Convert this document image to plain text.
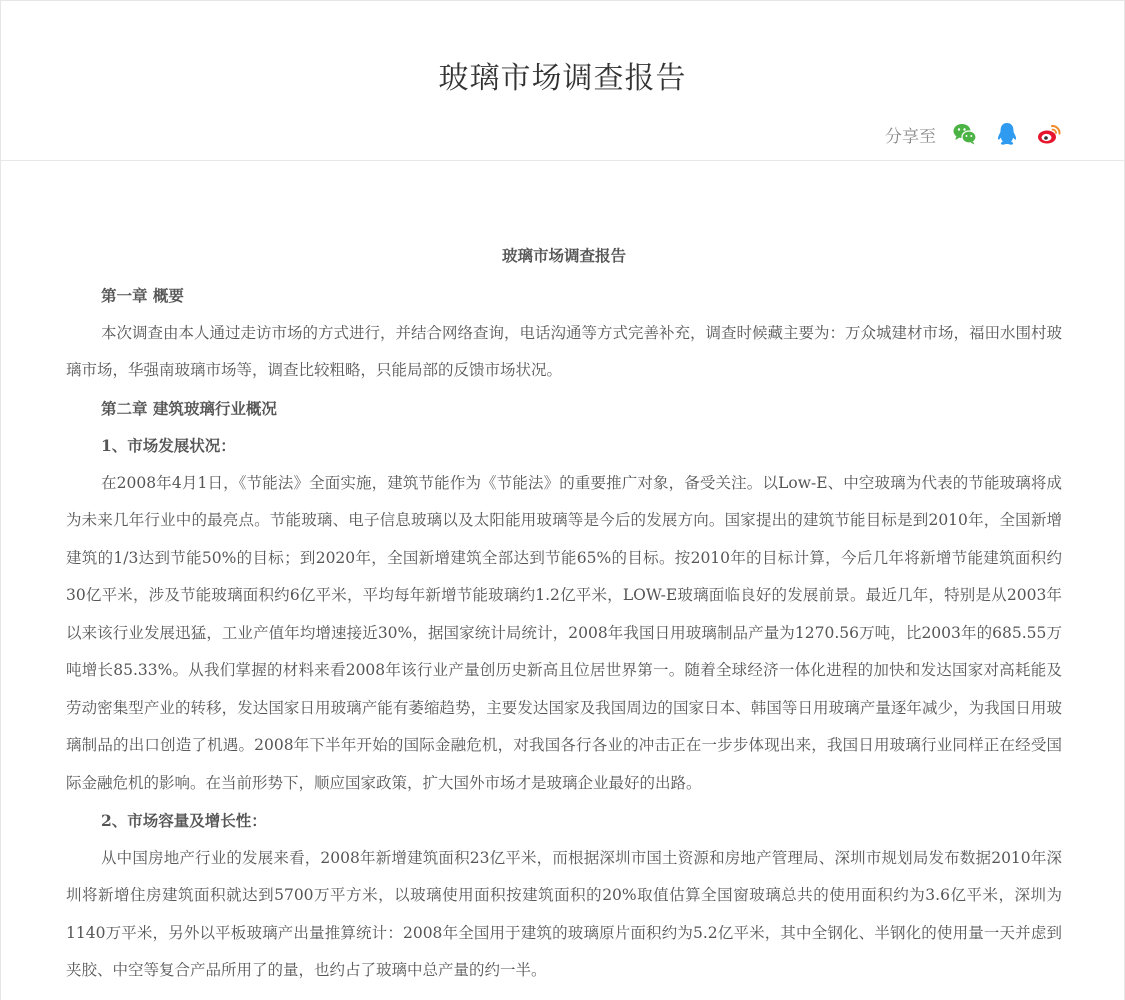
玻璃市场调查报告
分享至
玻璃市场调查报告

第一章 概要

本次调查由本人通过走访市场的方式进行，并结合网络查询，电话沟通等方式完善补充，调查时候藏主要为：万众城建材市场，福田水围村玻璃市场，华强南玻璃市场等，调查比较粗略，只能局部的反馈市场状况。

第二章 建筑玻璃行业概况

1、市场发展状况：

在2008年4月1日，《节能法》全面实施，建筑节能作为《节能法》的重要推广对象，备受关注。以Low-E、中空玻璃为代表的节能玻璃将成为未来几年行业中的最亮点。节能玻璃、电子信息玻璃以及太阳能用玻璃等是今后的发展方向。国家提出的建筑节能目标是到2010年，全国新增建筑的1/3达到节能50%的目标；到2020年，全国新增建筑全部达到节能65%的目标。按2010年的目标计算，今后几年将新增节能建筑面积约30亿平米，涉及节能玻璃面积约6亿平米，平均每年新增节能玻璃约1.2亿平米，LOW-E玻璃面临良好的发展前景。最近几年，特别是从2003年以来该行业发展迅猛，工业产值年均增速接近30%，据国家统计局统计，2008年我国日用玻璃制品产量为1270.56万吨，比2003年的685.55万吨增长85.33%。从我们掌握的材料来看2008年该行业产量创历史新高且位居世界第一。随着全球经济一体化进程的加快和发达国家对高耗能及劳动密集型产业的转移，发达国家日用玻璃产能有萎缩趋势，主要发达国家及我国周边的国家日本、韩国等日用玻璃产量逐年减少，为我国日用玻璃制品的出口创造了机遇。2008年下半年开始的国际金融危机，对我国各行各业的冲击正在一步步体现出来，我国日用玻璃行业同样正在经受国际金融危机的影响。在当前形势下，顺应国家政策，扩大国外市场才是玻璃企业最好的出路。

2、市场容量及增长性：

从中国房地产行业的发展来看，2008年新增建筑面积23亿平米，而根据深圳市国土资源和房地产管理局、深圳市规划局发布数据2010年深圳将新增住房建筑面积就达到5700万平方米，以玻璃使用面积按建筑面积的20%取值估算全国窗玻璃总共的使用面积约为3.6亿平米，深圳为1140万平米，另外以平板玻璃产出量推算统计：2008年全国用于建筑的玻璃原片面积约为5.2亿平米，其中全钢化、半钢化的使用量一天并虑到夹胶、中空等复合产品所用了的量，也约占了玻璃中总产量的约一半。
